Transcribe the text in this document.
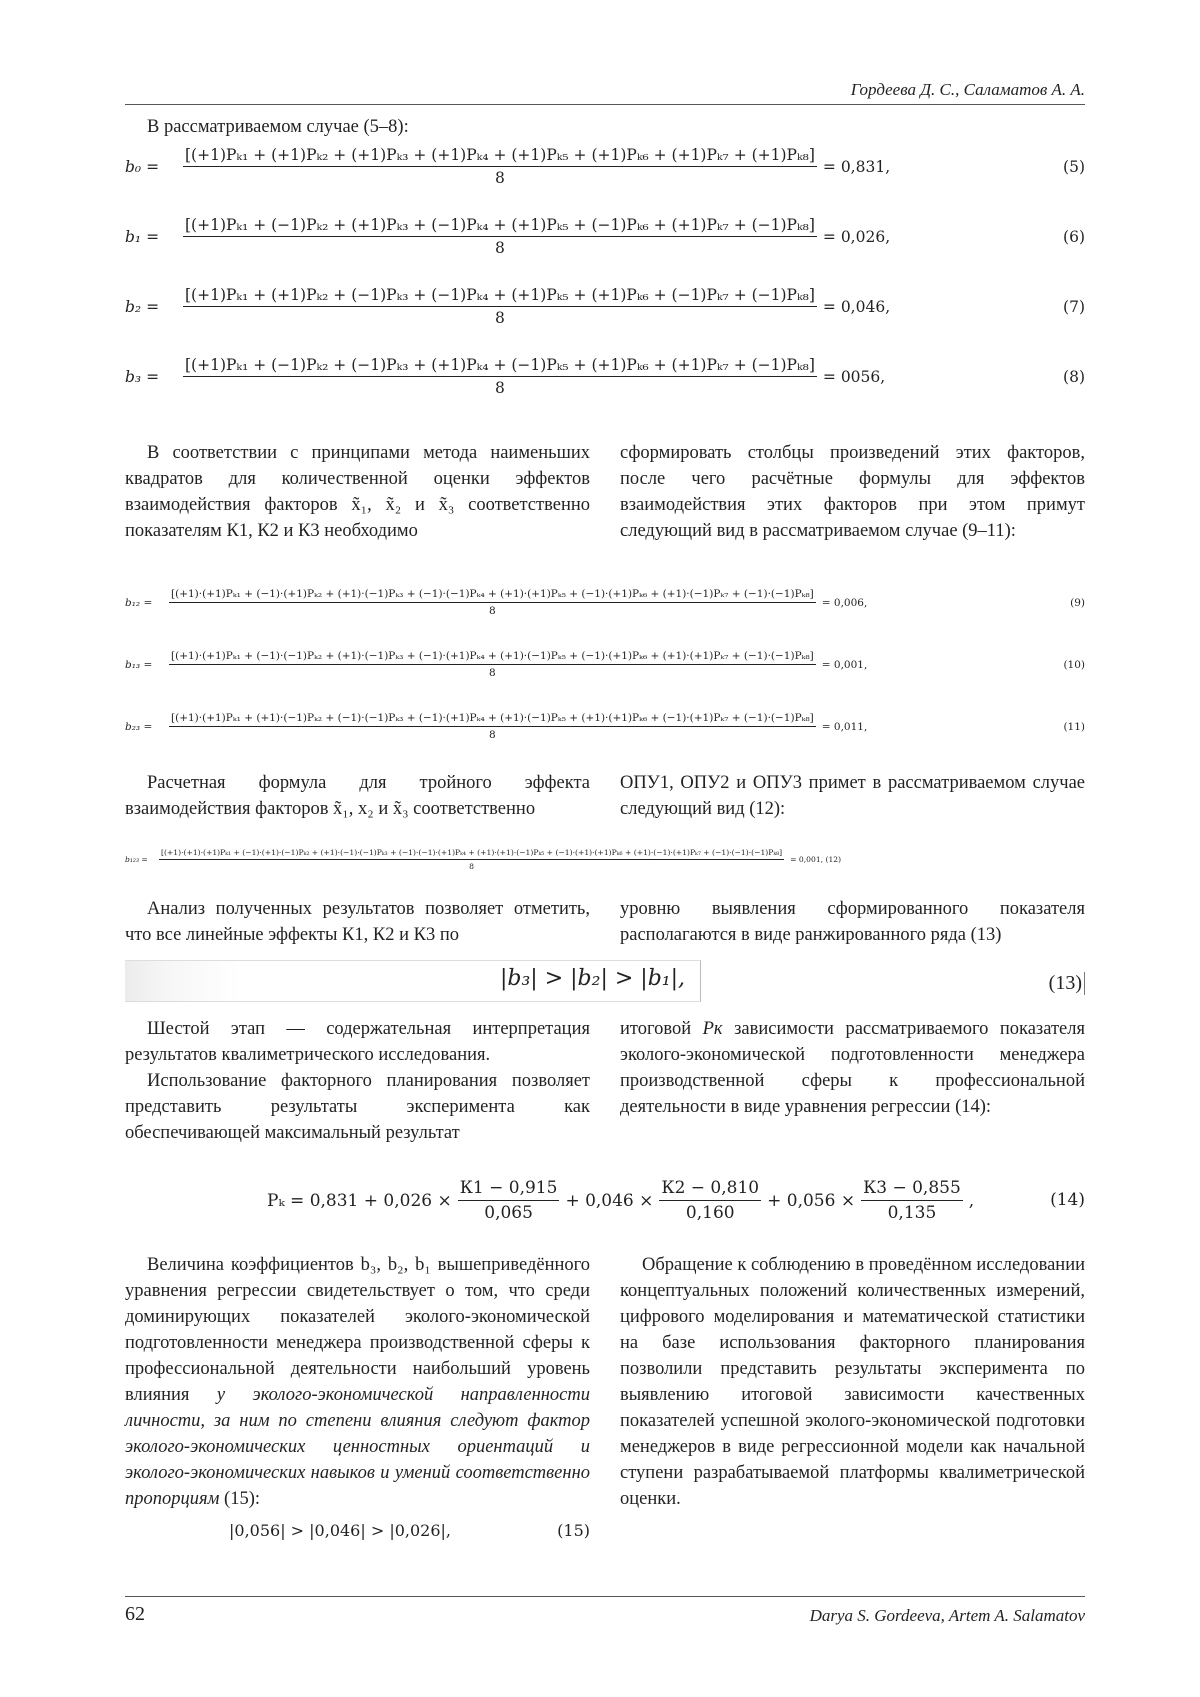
Гордеева Д. С., Саламатов А. А.
В рассматриваемом случае (5–8):
b₀ =
[(+1)Pₖ₁ + (+1)Pₖ₂ + (+1)Pₖ₃ + (+1)Pₖ₄ + (+1)Pₖ₅ + (+1)Pₖ₆ + (+1)Pₖ₇ + (+1)Pₖ₈]
8
= 0,831,	(5)
b₁ =
[(+1)Pₖ₁ + (−1)Pₖ₂ + (+1)Pₖ₃ + (−1)Pₖ₄ + (+1)Pₖ₅ + (−1)Pₖ₆ + (+1)Pₖ₇ + (−1)Pₖ₈]
8
= 0,026,	(6)
b₂ =
[(+1)Pₖ₁ + (+1)Pₖ₂ + (−1)Pₖ₃ + (−1)Pₖ₄ + (+1)Pₖ₅ + (+1)Pₖ₆ + (−1)Pₖ₇ + (−1)Pₖ₈]
8
= 0,046,	(7)
b₃ =
[(+1)Pₖ₁ + (−1)Pₖ₂ + (−1)Pₖ₃ + (+1)Pₖ₄ + (−1)Pₖ₅ + (+1)Pₖ₆ + (+1)Pₖ₇ + (−1)Pₖ₈]
8
= 0056,	(8)

В соответствии с принципами метода наименьших квадратов для количественной оценки эффектов взаимодействия факторов x̃₁, x̃₂ и x̃₃ соответственно показателям К1, К2 и К3 необходимо

сформировать столбцы произведений этих факторов, после чего расчётные формулы для эффектов взаимодействия этих факторов при этом примут следующий вид в рассматриваемом случае (9–11):

b₁₂ =
[(+1)·(+1)Pₖ₁ + (−1)·(+1)Pₖ₂ + (+1)·(−1)Pₖ₃ + (−1)·(−1)Pₖ₄ + (+1)·(+1)Pₖ₅ + (−1)·(+1)Pₖ₆ + (+1)·(−1)Pₖ₇ + (−1)·(−1)Pₖ₈]
8
= 0,006,	(9)
b₁₃ =
[(+1)·(+1)Pₖ₁ + (−1)·(−1)Pₖ₂ + (+1)·(−1)Pₖ₃ + (−1)·(+1)Pₖ₄ + (+1)·(−1)Pₖ₅ + (−1)·(+1)Pₖ₆ + (+1)·(+1)Pₖ₇ + (−1)·(−1)Pₖ₈]
8
= 0,001,	(10)
b₂₃ =
[(+1)·(+1)Pₖ₁ + (+1)·(−1)Pₖ₂ + (−1)·(−1)Pₖ₃ + (−1)·(+1)Pₖ₄ + (+1)·(−1)Pₖ₅ + (+1)·(+1)Pₖ₆ + (−1)·(+1)Pₖ₇ + (−1)·(−1)Pₖ₈]
8
= 0,011,	(11)

Расчетная формула для тройного эффекта взаимодействия факторов x̃₁, x₂ и x̃₃ соответственно

ОПУ1, ОПУ2 и ОПУ3 примет в рассматриваемом случае следующий вид (12):

b₁₂₃ =
[(+1)·(+1)·(+1)Pₖ₁ + (−1)·(+1)·(−1)Pₖ₂ + (+1)·(−1)·(−1)Pₖ₃ + (−1)·(−1)·(+1)Pₖ₄ + (+1)·(+1)·(−1)Pₖ₅ + (−1)·(+1)·(+1)Pₖ₆ + (+1)·(−1)·(+1)Pₖ₇ + (−1)·(−1)·(−1)Pₖ₈]
8
= 0,001, (12)

Анализ полученных результатов позволяет отметить, что все линейные эффекты К1, К2 и К3 по

уровню выявления сформированного показателя располагаются в виде ранжированного ряда (13)

|b₃| > |b₂| > |b₁|,	(13)

Шестой этап — содержательная интерпретация результатов квалиметрического исследования.

Использование факторного планирования позволяет представить результаты эксперимента как обеспечивающей максимальный результат

итоговой Pк зависимости рассматриваемого показателя эколого-экономической подготовленности менеджера производственной сферы к профессиональной деятельности в виде уравнения регрессии (14):

$P_k = 0,831 + 0,026 \times \frac{К1 - 0,915}{0,065} + 0,046 \times \frac{К2 - 0,810}{0,160} + 0,056 \times \frac{К3 - 0,855}{0,135}$ ,	(14)

Величина коэффициентов b₃, b₂, b₁ вышеприведённого уравнения регрессии свидетельствует о том, что среди доминирующих показателей эколого-экономической подготовленности менеджера производственной сферы к профессиональной деятельности наибольший уровень влияния у эколого-экономической направленности личности, за ним по степени влияния следуют фактор эколого-экономических ценностных ориентаций и эколого-экономических навыков и умений соответственно пропорциям (15):

|0,056| > |0,046| > |0,026|,	(15)

Обращение к соблюдению в проведённом исследовании концептуальных положений количественных измерений, цифрового моделирования и математической статистики на базе использования факторного планирования позволили представить результаты эксперимента по выявлению итоговой зависимости качественных показателей успешной эколого-экономической подготовки менеджеров в виде регрессионной модели как начальной ступени разрабатываемой платформы квалиметрической оценки.

62	Darya S. Gordeeva, Artem A. Salamatov
